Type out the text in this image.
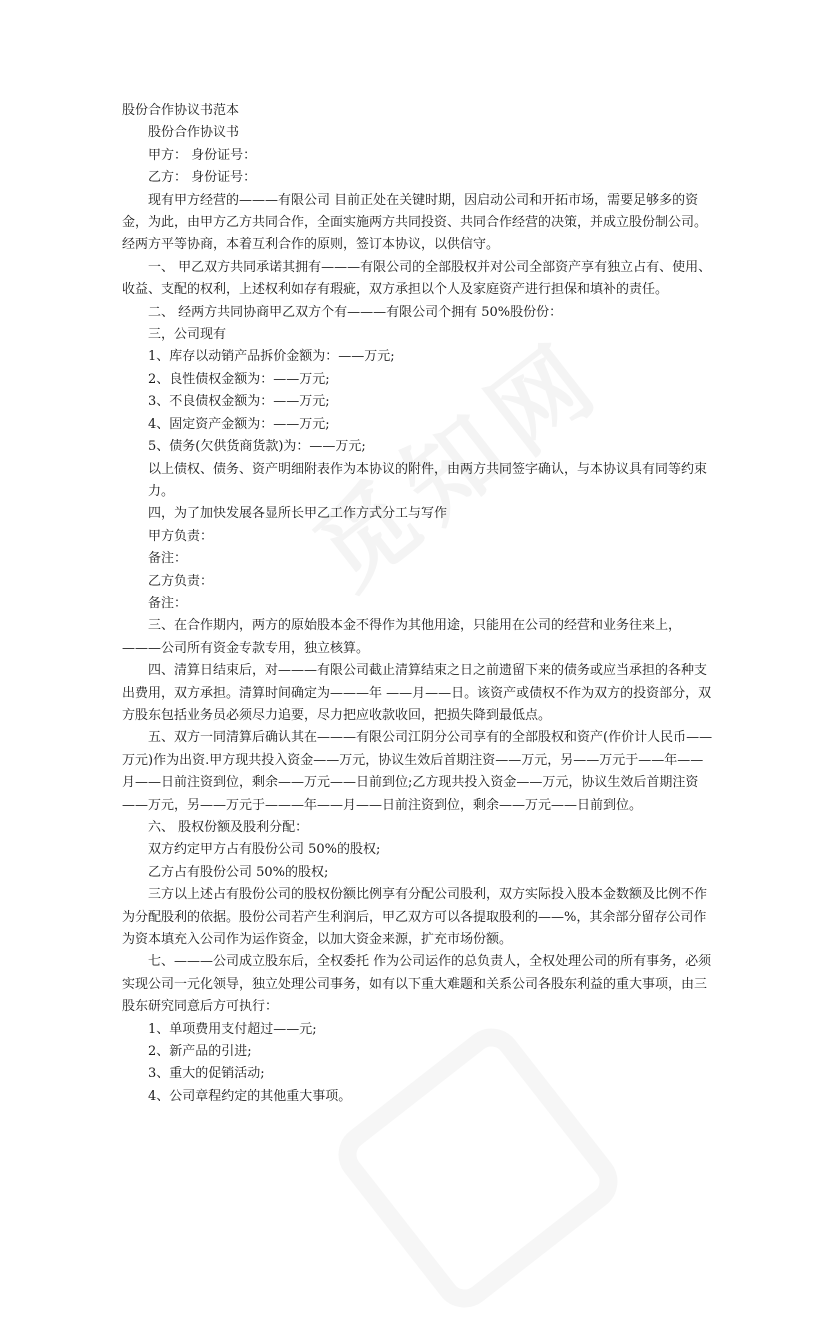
股份合作协议书范本

股份合作协议书

甲方： 身份证号：

乙方： 身份证号：

现有甲方经营的———有限公司 目前正处在关键时期，因启动公司和开拓市场，需要足够多的资金，为此，由甲方乙方共同合作，全面实施两方共同投资、共同合作经营的决策，并成立股份制公司。经两方平等协商，本着互利合作的原则，签订本协议，以供信守。

一、 甲乙双方共同承诺其拥有———有限公司的全部股权并对公司全部资产享有独立占有、使用、收益、支配的权利，上述权利如存有瑕疵，双方承担以个人及家庭资产进行担保和填补的责任。

二、 经两方共同协商甲乙双方个有———有限公司个拥有 50%股份份：

三，公司现有

1、库存以动销产品拆价金额为：——万元;

2、良性债权金额为：——万元;

3、不良债权金额为：——万元;

4、固定资产金额为：——万元;

5、债务(欠供货商货款)为：——万元;

以上债权、债务、资产明细附表作为本协议的附件，由两方共同签字确认，与本协议具有同等约束力。

四，为了加快发展各显所长甲乙工作方式分工与写作

甲方负责：

备注：

乙方负责：

备注：

三、在合作期内，两方的原始股本金不得作为其他用途，只能用在公司的经营和业务往来上，———公司所有资金专款专用，独立核算。

四、清算日结束后，对———有限公司截止清算结束之日之前遗留下来的债务或应当承担的各种支出费用，双方承担。清算时间确定为———年 ——月——日。该资产或债权不作为双方的投资部分，双方股东包括业务员必须尽力追要，尽力把应收款收回，把损失降到最低点。

五、双方一同清算后确认其在———有限公司江阴分公司享有的全部股权和资产(作价计人民币——万元)作为出资.甲方现共投入资金——万元，协议生效后首期注资——万元，另——万元于——年——月——日前注资到位，剩余——万元——日前到位;乙方现共投入资金——万元，协议生效后首期注资——万元，另——万元于———年——月——日前注资到位，剩余——万元——日前到位。

六、 股权份额及股利分配：

双方约定甲方占有股份公司 50%的股权;

乙方占有股份公司 50%的股权;

三方以上述占有股份公司的股权份额比例享有分配公司股利，双方实际投入股本金数额及比例不作为分配股利的依据。股份公司若产生利润后，甲乙双方可以各提取股利的——%，其余部分留存公司作为资本填充入公司作为运作资金，以加大资金来源，扩充市场份额。

七、———公司成立股东后，全权委托 作为公司运作的总负责人，全权处理公司的所有事务，必须实现公司一元化领导，独立处理公司事务，如有以下重大难题和关系公司各股东利益的重大事项，由三股东研究同意后方可执行：

1、单项费用支付超过——元;

2、新产品的引进;

3、重大的促销活动;

4、公司章程约定的其他重大事项。
